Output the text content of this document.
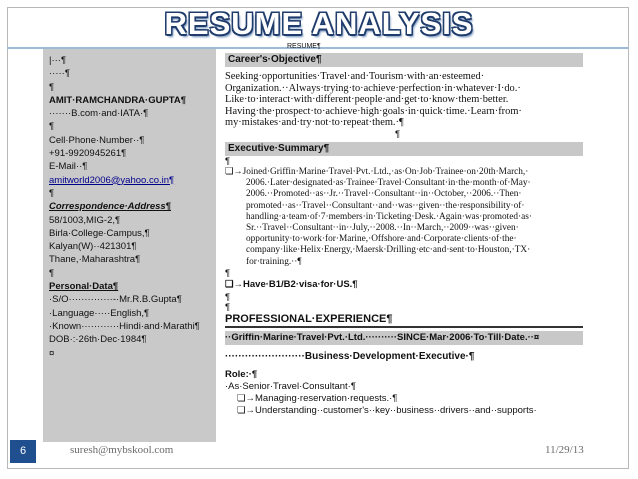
RESUME ANALYSIS
|···¶
·····¶
¶
AMIT·RAMCHANDRA·GUPTA¶
·······B.com·and·IATA·¶
¶
Cell·Phone·Number··¶
+91-9920945261¶
E-Mail··¶
amitworld2006@yahoo.co.in¶
¶
Correspondence·Address¶
58/1003,MIG-2,¶
Birla·College·Campus,¶
Kalyan(W)··421301¶
Thane,·Maharashtra¶
¶
Personal·Data¶
·S/O··············-·Mr.R.B.Gupta¶
·Language·····English,¶
·Known············Hindi·and·Marathi¶
DOB·:·26th·Dec·1984¶
¤
Career's·Objective¶
RESUME¶
Seeking·opportunities·Travel·and·Tourism·with·an·esteemed·
Organization.··Always·trying·to·achieve·perfection·in·whatever·I·do.·
Like·to·interact·with·different·people·and·get·to·know·them·better.
Having·the·prospect·to·achieve·high·goals·in·quick·time.·Learn·from·
my·mistakes·and·try·not·to·repeat·them.·¶
¶
Executive·Summary¶
¶
❏→Joined·Griffin·Marine·Travel·Pvt.·Ltd.,·as·On·Job·Trainee·on·20th·March,·
2006.·Later·designated·as·Trainee·Travel·Consultant·in·the·month·of·May·
2006.··Promoted··as··Jr.··Travel··Consultant··in··October,··2006.··Then·
promoted··as··Travel··Consultant··and··was··given··the·responsibility·of·
handling·a·team·of·7·members·in·Ticketing·Desk.·Again·was·promoted·as·
Sr.··Travel··Consultant··in··July,··2008.··In··March,··2009··was··given·
opportunity·to·work·for·Marine,·Offshore·and·Corporate·clients·of·the·
company·like·Helix·Energy,·Maersk·Drilling·etc·and·sent·to·Houston,·TX·
for·training.··¶
¶
❏→Have·B1/B2·visa·for·US.¶
¶
¶
PROFESSIONAL·EXPERIENCE¶
··Griffin·Marine·Travel·Pvt.·Ltd.··········SINCE·Mar·2006·To·Till·Date.··¤
························Business·Development·Executive·¶
Role:·¶
·As·Senior·Travel·Consultant·¶
❏→Managing·reservation·requests.·¶
❏→Understanding··customer's··key··business··drivers··and··supports·
6	suresh@mybskool.com	11/29/13
